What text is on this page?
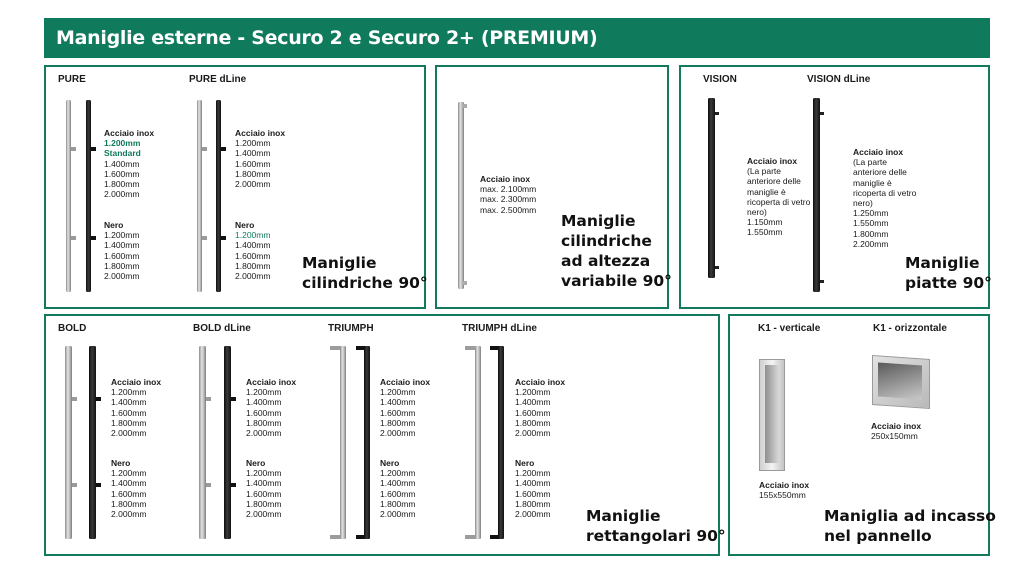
Maniglie esterne - Securo 2 e Securo 2+ (PREMIUM)
PURE	PURE dLine
Acciaio inox
1.200mm
Standard
1.400mm
1.600mm
1.800mm
2.000mm
Nero
1.200mm
1.400mm
1.600mm
1.800mm
2.000mm
Acciaio inox
1.200mm
1.400mm
1.600mm
1.800mm
2.000mm
Nero
1.200mm
1.400mm
1.600mm
1.800mm
2.000mm
Maniglie
cilindriche 90°
Acciaio inox
max. 2.100mm
max. 2.300mm
max. 2.500mm
Maniglie
cilindriche
ad altezza
variabile 90°
VISION	VISION dLine
Acciaio inox
(La parte
anteriore delle
maniglie è
ricoperta di vetro
nero)
1.150mm
1.550mm
Acciaio inox
(La parte
anteriore delle
maniglie è
ricoperta di vetro
nero)
1.250mm
1.550mm
1.800mm
2.200mm
Maniglie
piatte 90°
BOLD	BOLD dLine	TRIUMPH	TRIUMPH dLine
Acciaio inox
1.200mm
1.400mm
1.600mm
1.800mm
2.000mm
Nero
1.200mm
1.400mm
1.600mm
1.800mm
2.000mm
Acciaio inox
1.200mm
1.400mm
1.600mm
1.800mm
2.000mm
Nero
1.200mm
1.400mm
1.600mm
1.800mm
2.000mm
Acciaio inox
1.200mm
1.400mm
1.600mm
1.800mm
2.000mm
Nero
1.200mm
1.400mm
1.600mm
1.800mm
2.000mm
Acciaio inox
1.200mm
1.400mm
1.600mm
1.800mm
2.000mm
Nero
1.200mm
1.400mm
1.600mm
1.800mm
2.000mm Maniglie
rettangolari 90°
K1 - verticale	K1 - orizzontale
Acciaio inox
155x550mm
Acciaio inox
250x150mm
Maniglia ad incasso
nel pannello
